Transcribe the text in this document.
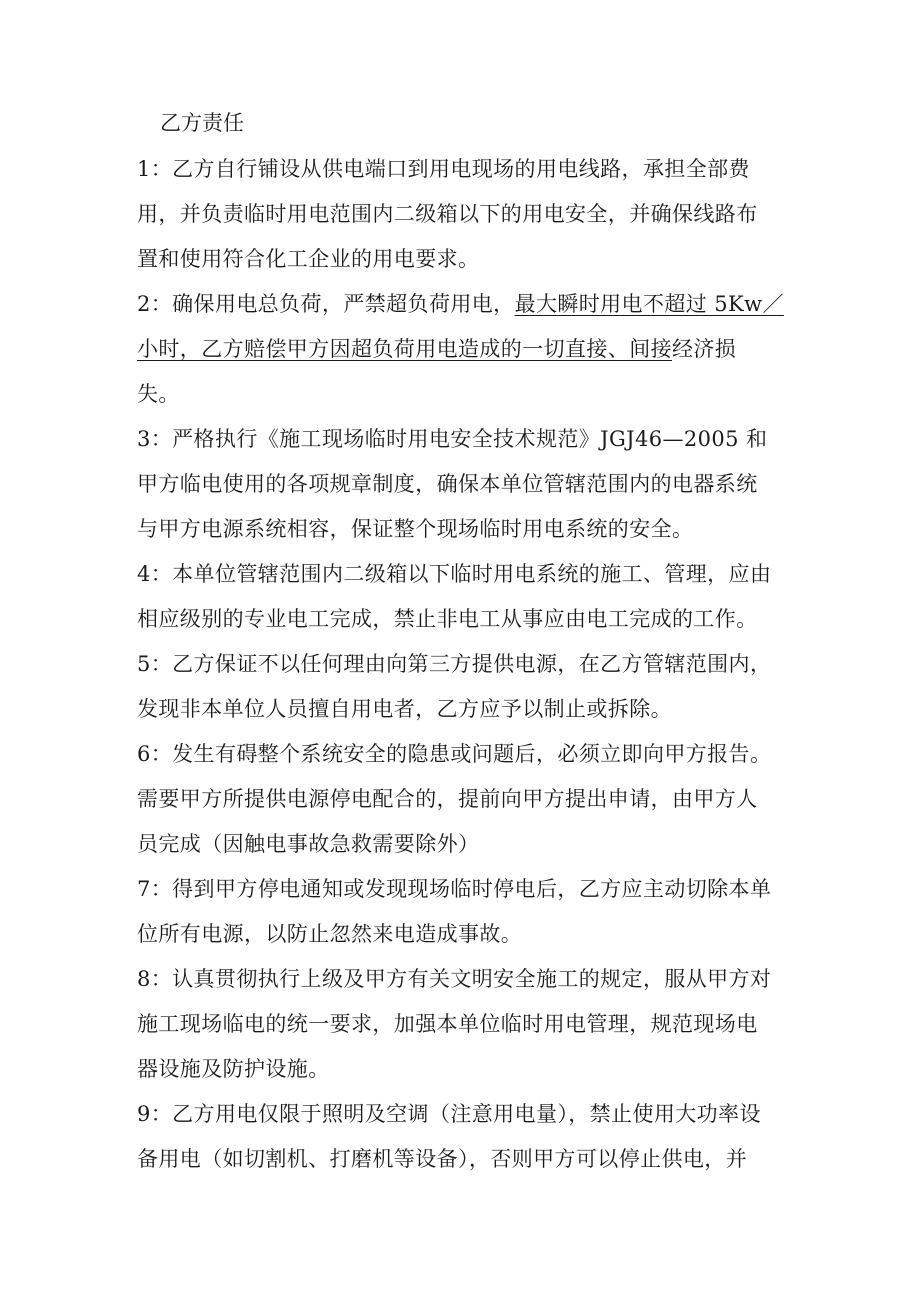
乙方责任
1：乙方自行铺设从供电端口到用电现场的用电线路，承担全部费
用，并负责临时用电范围内二级箱以下的用电安全，并确保线路布
置和使用符合化工企业的用电要求。
2：确保用电总负荷，严禁超负荷用电，最大瞬时用电不超过 5Kw／
小时，乙方赔偿甲方因超负荷用电造成的一切直接、间接经济损
失。
3：严格执行《施工现场临时用电安全技术规范》JGJ46—2005 和
甲方临电使用的各项规章制度，确保本单位管辖范围内的电器系统
与甲方电源系统相容，保证整个现场临时用电系统的安全。
4：本单位管辖范围内二级箱以下临时用电系统的施工、管理，应由
相应级别的专业电工完成，禁止非电工从事应由电工完成的工作。
5：乙方保证不以任何理由向第三方提供电源，在乙方管辖范围内，
发现非本单位人员擅自用电者，乙方应予以制止或拆除。
6：发生有碍整个系统安全的隐患或问题后，必须立即向甲方报告。
需要甲方所提供电源停电配合的，提前向甲方提出申请，由甲方人
员完成（因触电事故急救需要除外）
7：得到甲方停电通知或发现现场临时停电后，乙方应主动切除本单
位所有电源，以防止忽然来电造成事故。
8：认真贯彻执行上级及甲方有关文明安全施工的规定，服从甲方对
施工现场临电的统一要求，加强本单位临时用电管理，规范现场电
器设施及防护设施。
9：乙方用电仅限于照明及空调（注意用电量），禁止使用大功率设
备用电（如切割机、打磨机等设备），否则甲方可以停止供电，并
